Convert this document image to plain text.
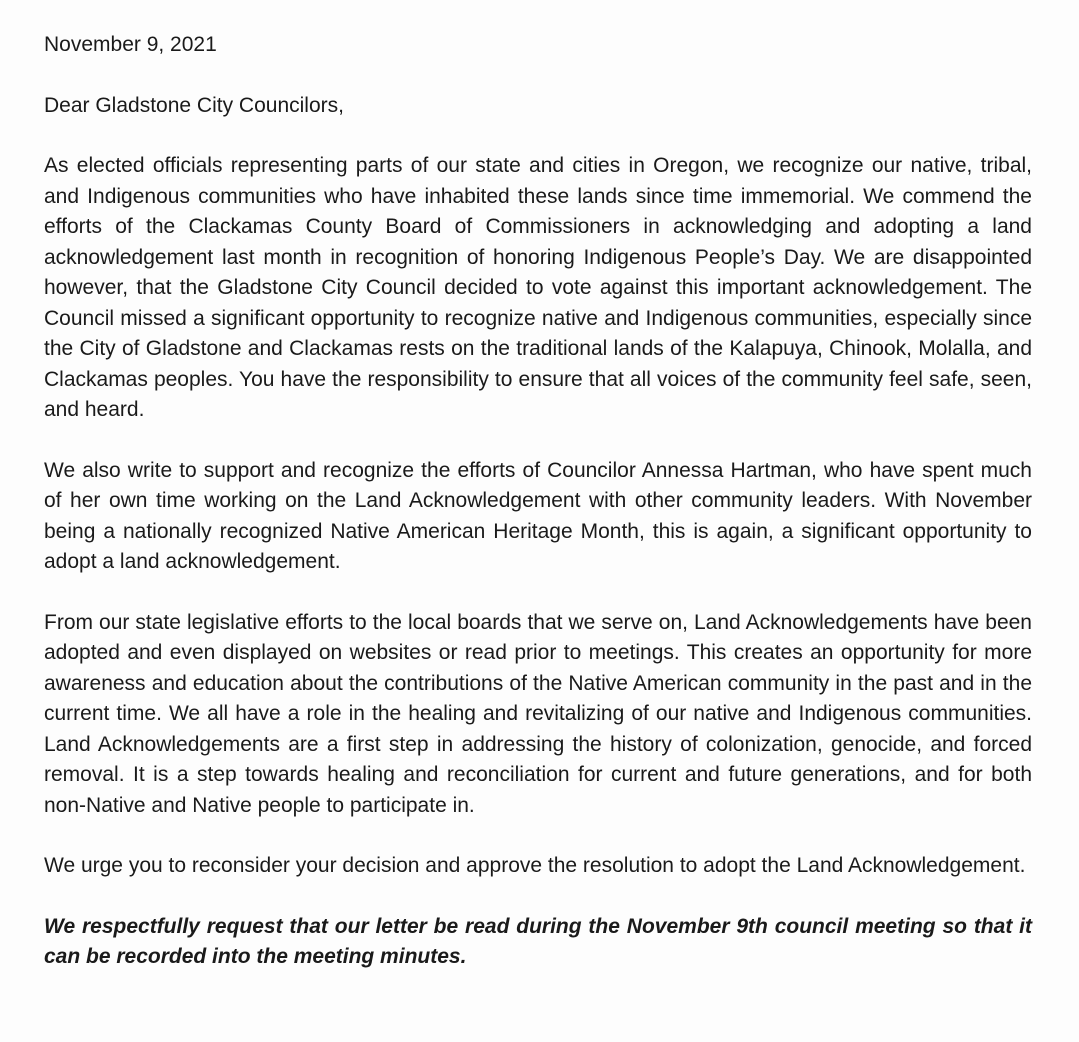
November 9, 2021

Dear Gladstone City Councilors,

As elected officials representing parts of our state and cities in Oregon, we recognize our native, tribal, and Indigenous communities who have inhabited these lands since time immemorial. We commend the efforts of the Clackamas County Board of Commissioners in acknowledging and adopting a land acknowledgement last month in recognition of honoring Indigenous People’s Day. We are disappointed however, that the Gladstone City Council decided to vote against this important acknowledgement. The Council missed a significant opportunity to recognize native and Indigenous communities, especially since the City of Gladstone and Clackamas rests on the traditional lands of the Kalapuya, Chinook, Molalla, and Clackamas peoples. You have the responsibility to ensure that all voices of the community feel safe, seen, and heard.

We also write to support and recognize the efforts of Councilor Annessa Hartman, who have spent much of her own time working on the Land Acknowledgement with other community leaders. With November being a nationally recognized Native American Heritage Month, this is again, a significant opportunity to adopt a land acknowledgement.

From our state legislative efforts to the local boards that we serve on, Land Acknowledgements have been adopted and even displayed on websites or read prior to meetings. This creates an opportunity for more awareness and education about the contributions of the Native American community in the past and in the current time. We all have a role in the healing and revitalizing of our native and Indigenous communities. Land Acknowledgements are a first step in addressing the history of colonization, genocide, and forced removal. It is a step towards healing and reconciliation for current and future generations, and for both non-Native and Native people to participate in.

We urge you to reconsider your decision and approve the resolution to adopt the Land Acknowledgement.

We respectfully request that our letter be read during the November 9th council meeting so that it can be recorded into the meeting minutes.
